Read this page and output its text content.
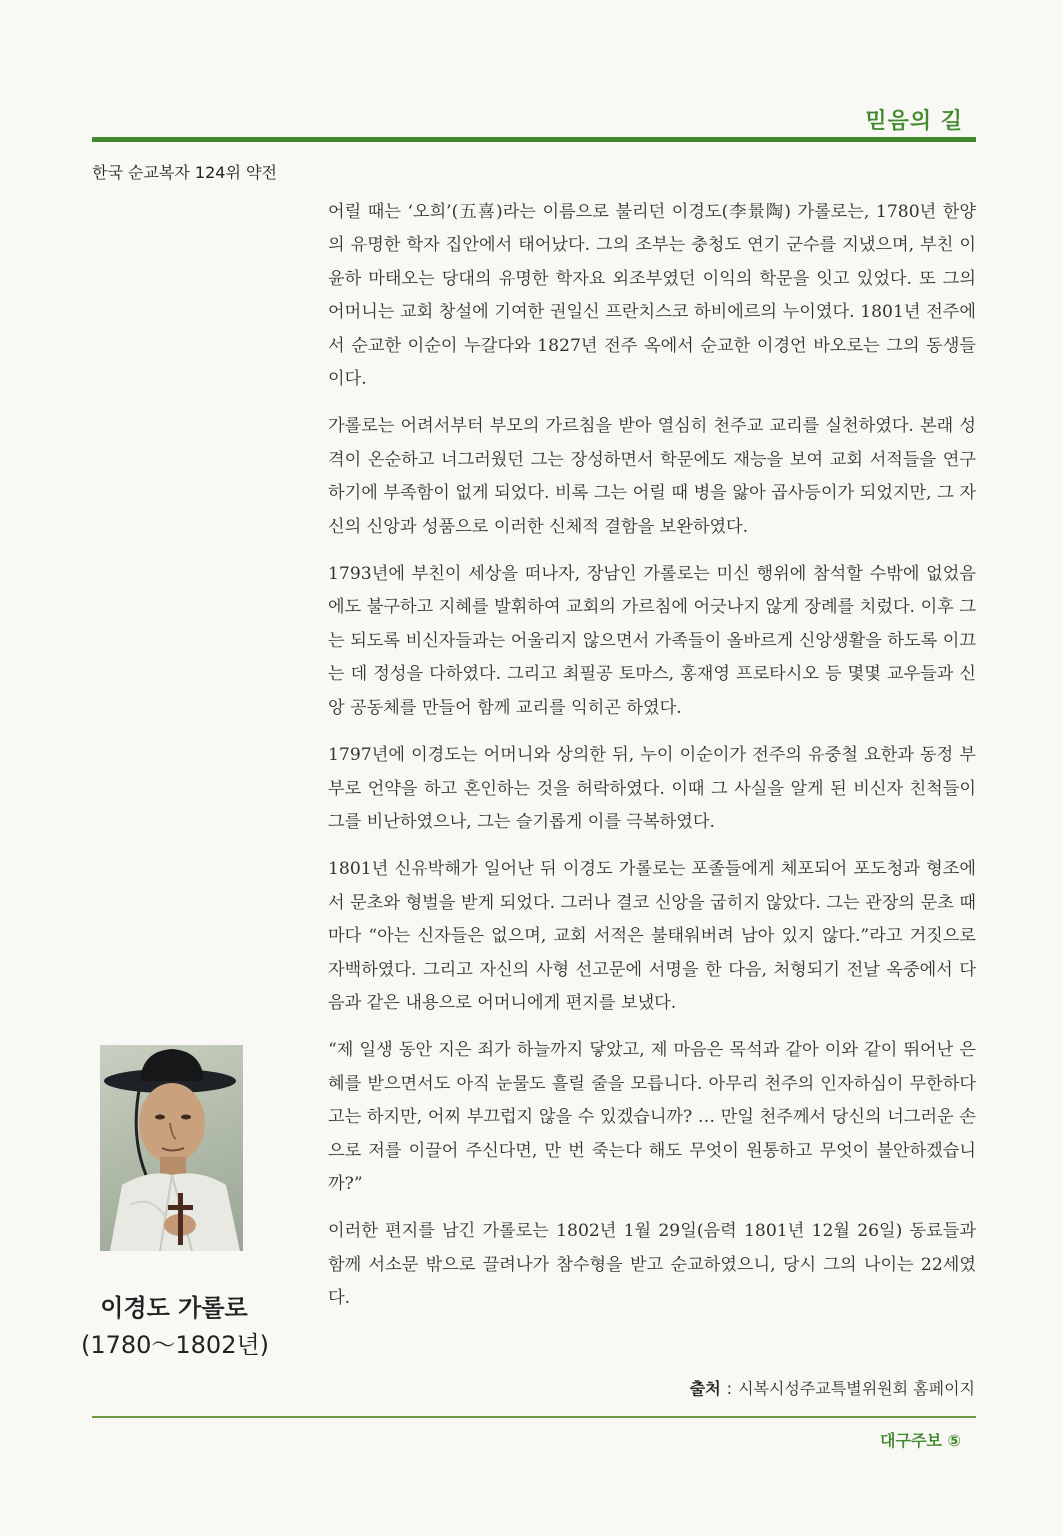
믿음의 길
한국 순교복자 124위 약전

어릴 때는 ‘오희’(五喜)라는 이름으로 불리던 이경도(李景陶) 가롤로는, 1780년 한양의 유명한 학자 집안에서 태어났다. 그의 조부는 충청도 연기 군수를 지냈으며, 부친 이윤하 마태오는 당대의 유명한 학자요 외조부였던 이익의 학문을 잇고 있었다. 또 그의 어머니는 교회 창설에 기여한 권일신 프란치스코 하비에르의 누이였다. 1801년 전주에서 순교한 이순이 누갈다와 1827년 전주 옥에서 순교한 이경언 바오로는 그의 동생들이다.

가롤로는 어려서부터 부모의 가르침을 받아 열심히 천주교 교리를 실천하였다. 본래 성격이 온순하고 너그러웠던 그는 장성하면서 학문에도 재능을 보여 교회 서적들을 연구하기에 부족함이 없게 되었다. 비록 그는 어릴 때 병을 앓아 곱사등이가 되었지만, 그 자신의 신앙과 성품으로 이러한 신체적 결함을 보완하였다.

1793년에 부친이 세상을 떠나자, 장남인 가롤로는 미신 행위에 참석할 수밖에 없었음에도 불구하고 지혜를 발휘하여 교회의 가르침에 어긋나지 않게 장례를 치렀다. 이후 그는 되도록 비신자들과는 어울리지 않으면서 가족들이 올바르게 신앙생활을 하도록 이끄는 데 정성을 다하였다. 그리고 최필공 토마스, 홍재영 프로타시오 등 몇몇 교우들과 신앙 공동체를 만들어 함께 교리를 익히곤 하였다.

1797년에 이경도는 어머니와 상의한 뒤, 누이 이순이가 전주의 유중철 요한과 동정 부부로 언약을 하고 혼인하는 것을 허락하였다. 이때 그 사실을 알게 된 비신자 친척들이 그를 비난하였으나, 그는 슬기롭게 이를 극복하였다.

1801년 신유박해가 일어난 뒤 이경도 가롤로는 포졸들에게 체포되어 포도청과 형조에서 문초와 형벌을 받게 되었다. 그러나 결코 신앙을 굽히지 않았다. 그는 관장의 문초 때마다 “아는 신자들은 없으며, 교회 서적은 불태워버려 남아 있지 않다.”라고 거짓으로 자백하였다. 그리고 자신의 사형 선고문에 서명을 한 다음, 처형되기 전날 옥중에서 다음과 같은 내용으로 어머니에게 편지를 보냈다.

“제 일생 동안 지은 죄가 하늘까지 닿았고, 제 마음은 목석과 같아 이와 같이 뛰어난 은혜를 받으면서도 아직 눈물도 흘릴 줄을 모릅니다. 아무리 천주의 인자하심이 무한하다고는 하지만, 어찌 부끄럽지 않을 수 있겠습니까? … 만일 천주께서 당신의 너그러운 손으로 저를 이끌어 주신다면, 만 번 죽는다 해도 무엇이 원통하고 무엇이 불안하겠습니까?”

이러한 편지를 남긴 가롤로는 1802년 1월 29일(음력 1801년 12월 26일) 동료들과 함께 서소문 밖으로 끌려나가 참수형을 받고 순교하였으니, 당시 그의 나이는 22세였다.

출처 : 시복시성주교특별위원회 홈페이지
이경도 가롤로
(1780～1802년)
대구주보 ⑤
